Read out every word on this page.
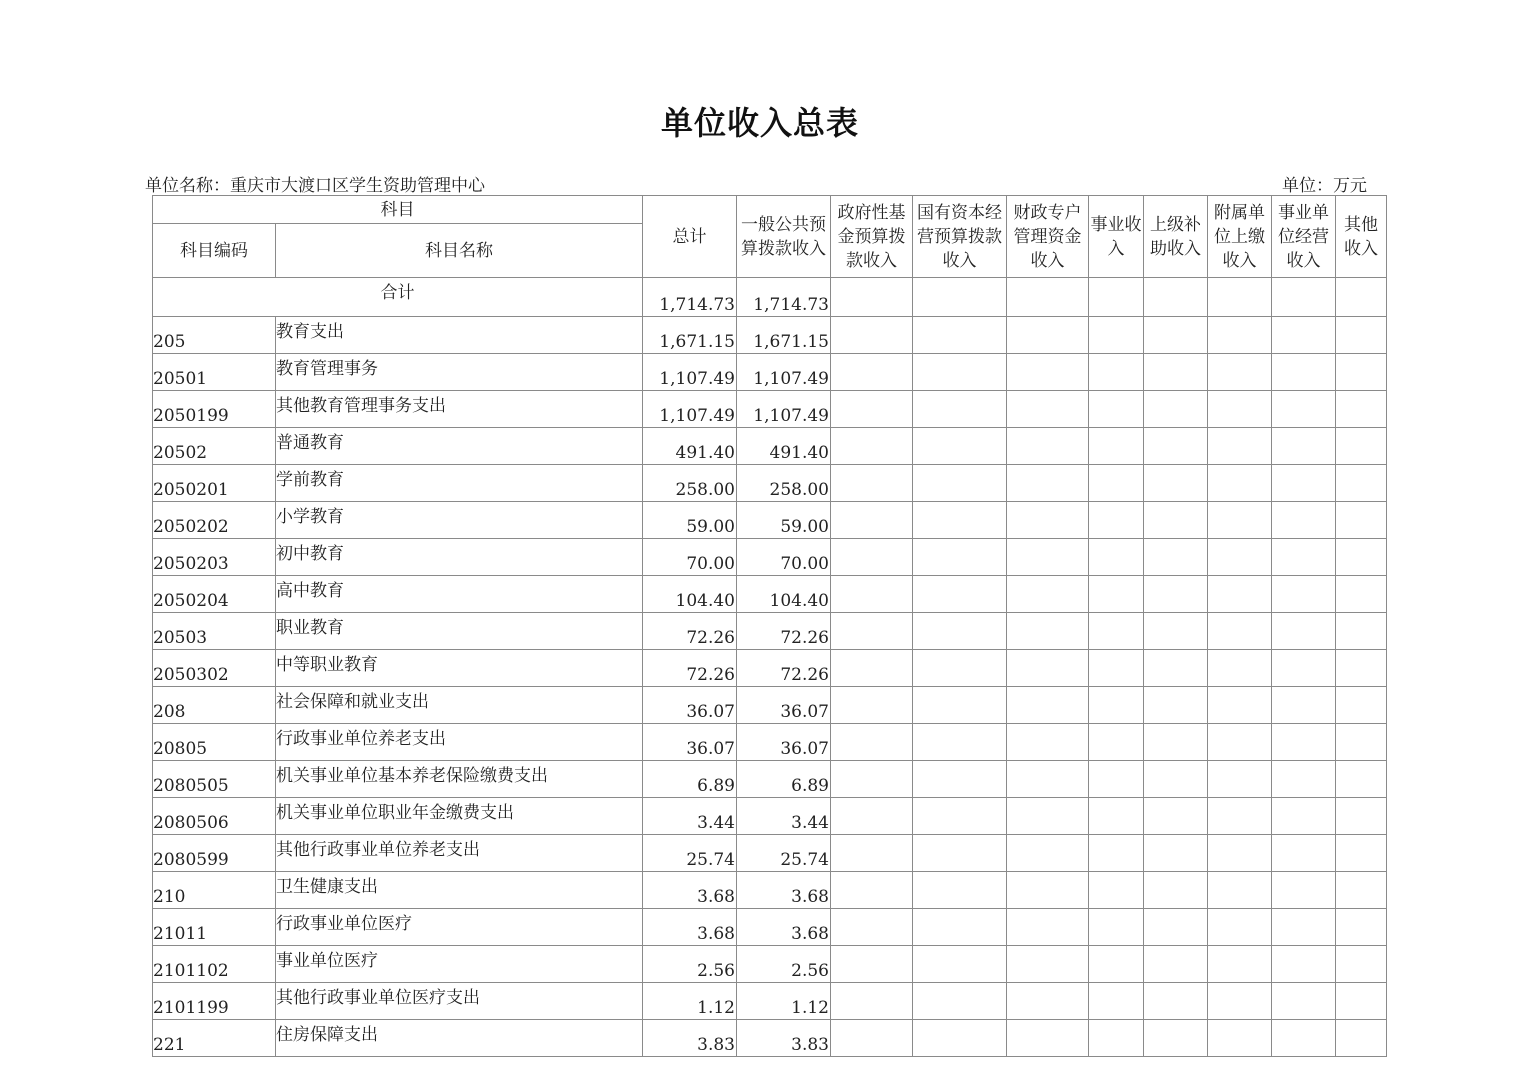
单位收入总表
单位名称：重庆市大渡口区学生资助管理中心	单位：万元
科目		总计	一般公共预算拨款收入	政府性基金预算拨款收入	国有资本经营预算拨款收入	财政专户管理资金收入	事业收入	上级补助收入	附属单位上缴收入	事业单位经营收入	其他收入
科目编码	科目名称										
合计		1,714.73	1,714.73								
205	教育支出	1,671.15	1,671.15								
20501	教育管理事务	1,107.49	1,107.49								
2050199	其他教育管理事务支出	1,107.49	1,107.49								
20502	普通教育	491.40	491.40								
2050201	学前教育	258.00	258.00								
2050202	小学教育	59.00	59.00								
2050203	初中教育	70.00	70.00								
2050204	高中教育	104.40	104.40								
20503	职业教育	72.26	72.26								
2050302	中等职业教育	72.26	72.26								
208	社会保障和就业支出	36.07	36.07								
20805	行政事业单位养老支出	36.07	36.07								
2080505	机关事业单位基本养老保险缴费支出	6.89	6.89								
2080506	机关事业单位职业年金缴费支出	3.44	3.44								
2080599	其他行政事业单位养老支出	25.74	25.74								
210	卫生健康支出	3.68	3.68								
21011	行政事业单位医疗	3.68	3.68								
2101102	事业单位医疗	2.56	2.56								
2101199	其他行政事业单位医疗支出	1.12	1.12								
221	住房保障支出	3.83	3.83								
